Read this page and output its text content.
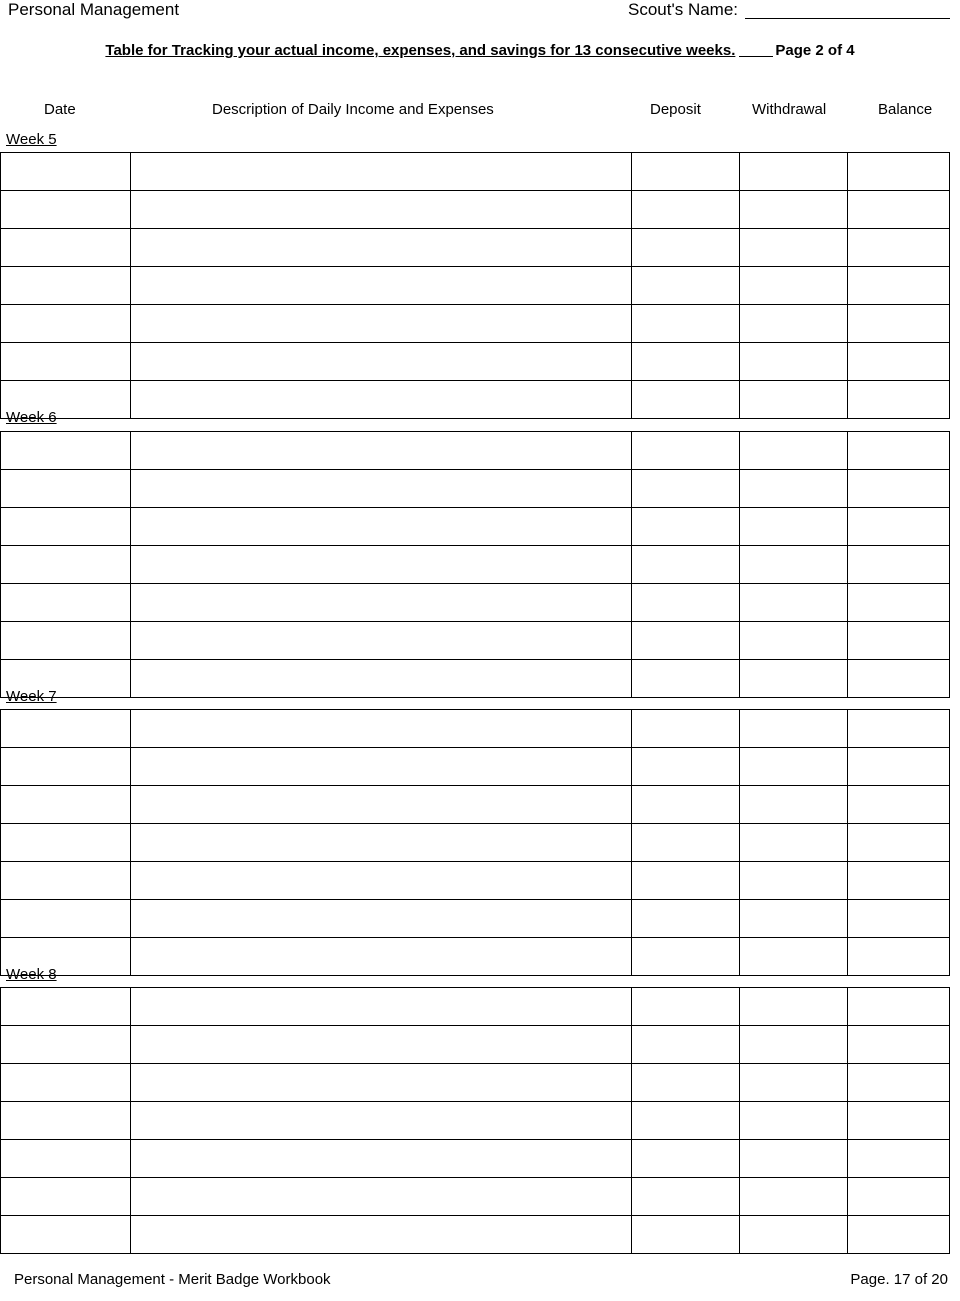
Personal Management	Scout's Name:
Table for Tracking your actual income, expenses, and savings for 13 consecutive weeks.	Page 2 of 4
Date	Description of Daily Income and Expenses	Deposit	Withdrawal	Balance
Week 5

Week 6

Week 7

Week 8

Personal Management - Merit Badge Workbook	Page. 17 of 20
